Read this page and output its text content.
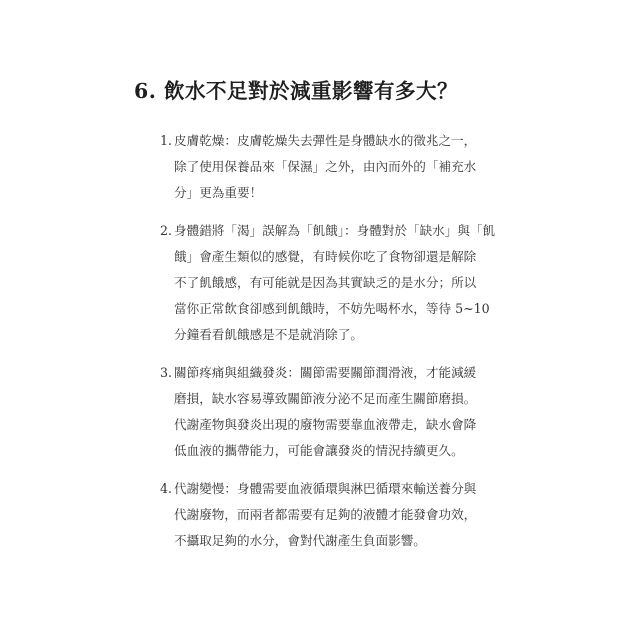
6. 飲水不足對於減重影響有多大？
1. 皮膚乾燥：皮膚乾燥失去彈性是身體缺水的徵兆之一，
除了使用保養品來「保濕」之外，由內而外的「補充水
分」更為重要！
2. 身體錯將「渴」誤解為「飢餓」：身體對於「缺水」與「飢
餓」會產生類似的感覺，有時候你吃了食物卻還是解除
不了飢餓感，有可能就是因為其實缺乏的是水分；所以
當你正常飲食卻感到飢餓時，不妨先喝杯水，等待 5~10
分鐘看看飢餓感是不是就消除了。
3. 關節疼痛與組織發炎：關節需要關節潤滑液，才能減緩
磨損，缺水容易導致關節液分泌不足而產生關節磨損。
代謝產物與發炎出現的廢物需要靠血液帶走，缺水會降
低血液的攜帶能力，可能會讓發炎的情況持續更久。
4. 代謝變慢：身體需要血液循環與淋巴循環來輸送養分與
代謝廢物，而兩者都需要有足夠的液體才能發會功效，
不攝取足夠的水分，會對代謝產生負面影響。
